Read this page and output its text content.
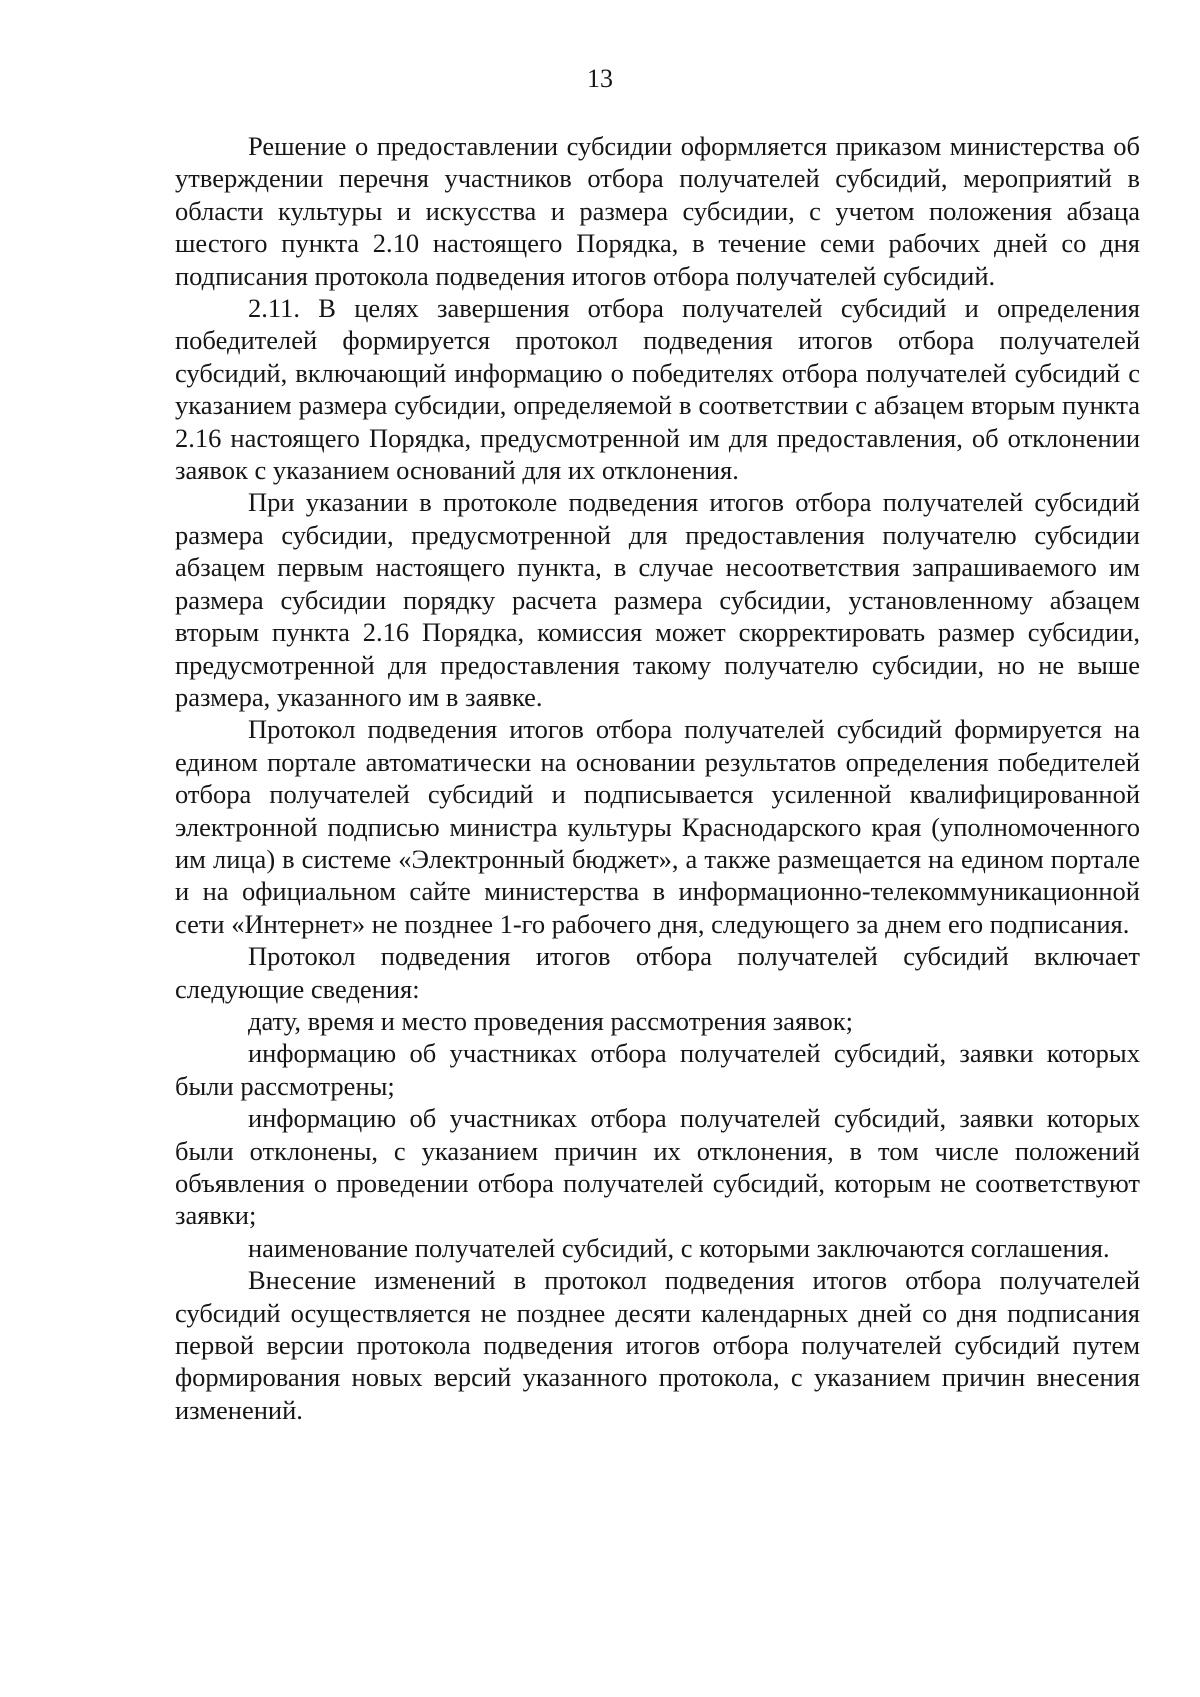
13

Решение о предоставлении субсидии оформляется приказом министерства об утверждении перечня участников отбора получателей субсидий, мероприятий в области культуры и искусства и размера субсидии, с учетом положения абзаца шестого пункта 2.10 настоящего Порядка, в течение семи рабочих дней со дня подписания протокола подведения итогов отбора получателей субсидий.

2.11. В целях завершения отбора получателей субсидий и определения победителей формируется протокол подведения итогов отбора получателей субсидий, включающий информацию о победителях отбора получателей субсидий с указанием размера субсидии, определяемой в соответствии с абзацем вторым пункта 2.16 настоящего Порядка, предусмотренной им для предоставления, об отклонении заявок с указанием оснований для их отклонения.

При указании в протоколе подведения итогов отбора получателей субсидий размера субсидии, предусмотренной для предоставления получателю субсидии абзацем первым настоящего пункта, в случае несоответствия запрашиваемого им размера субсидии порядку расчета размера субсидии, установленному абзацем вторым пункта 2.16 Порядка, комиссия может скорректировать размер субсидии, предусмотренной для предоставления такому получателю субсидии, но не выше размера, указанного им в заявке.

Протокол подведения итогов отбора получателей субсидий формируется на едином портале автоматически на основании результатов определения победителей отбора получателей субсидий и подписывается усиленной квалифицированной электронной подписью министра культуры Краснодарского края (уполномоченного им лица) в системе «Электронный бюджет», а также размещается на едином портале и на официальном сайте министерства в информационно-телекоммуникационной сети «Интернет» не позднее 1-го рабочего дня, следующего за днем его подписания.

Протокол подведения итогов отбора получателей субсидий включает следующие сведения:

дату, время и место проведения рассмотрения заявок;

информацию об участниках отбора получателей субсидий, заявки которых были рассмотрены;

информацию об участниках отбора получателей субсидий, заявки которых были отклонены, с указанием причин их отклонения, в том числе положений объявления о проведении отбора получателей субсидий, которым не соответствуют заявки;

наименование получателей субсидий, с которыми заключаются соглашения.

Внесение изменений в протокол подведения итогов отбора получателей субсидий осуществляется не позднее десяти календарных дней со дня подписания первой версии протокола подведения итогов отбора получателей субсидий путем формирования новых версий указанного протокола, с указанием причин внесения изменений.
